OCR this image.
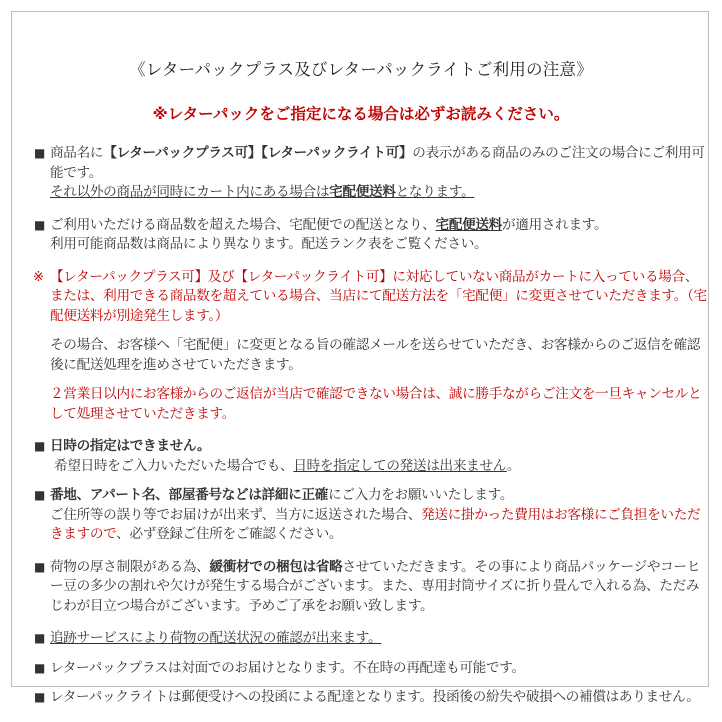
《レターパックプラス及びレターパックライトご利用の注意》
※レターパックをご指定になる場合は必ずお読みください。
■ 商品名に【レターパックプラス可】【レターパックライト可】の表示がある商品のみのご注文の場合にご利用可能です。
それ以外の商品が同時にカート内にある場合は宅配便送料となります。
■ ご利用いただける商品数を超えた場合、宅配便での配送となり、宅配便送料が適用されます。
利用可能商品数は商品により異なります。配送ランク表をご覧ください。
※ 【レターパックプラス可】及び【レターパックライト可】に対応していない商品がカートに入っている場合、または、利用できる商品数を超えている場合、当店にて配送方法を「宅配便」に変更させていただきます。（宅配便送料が別途発生します。）
その場合、お客様へ「宅配便」に変更となる旨の確認メールを送らせていただき、お客様からのご返信を確認後に配送処理を進めさせていただきます。
２営業日以内にお客様からのご返信が当店で確認できない場合は、誠に勝手ながらご注文を一旦キャンセルとして処理させていただきます。
■ 日時の指定はできません。
希望日時をご入力いただいた場合でも、日時を指定しての発送は出来ません。
■ 番地、アパート名、部屋番号などは詳細に正確にご入力をお願いいたします。
ご住所等の誤り等でお届けが出来ず、当方に返送された場合、発送に掛かった費用はお客様にご負担をいただきますので、必ず登録ご住所をご確認ください。
■ 荷物の厚さ制限がある為、緩衝材での梱包は省略させていただきます。その事により商品パッケージやコーヒー豆の多少の割れや欠けが発生する場合がございます。また、専用封筒サイズに折り畳んで入れる為、ただみじわが目立つ場合がございます。予めご了承をお願い致します。
■ 追跡サービスにより荷物の配送状況の確認が出来ます。
■ レターパックプラスは対面でのお届けとなります。不在時の再配達も可能です。
■ レターパックライトは郵便受けへの投函による配達となります。投函後の紛失や破損への補償はありません。
